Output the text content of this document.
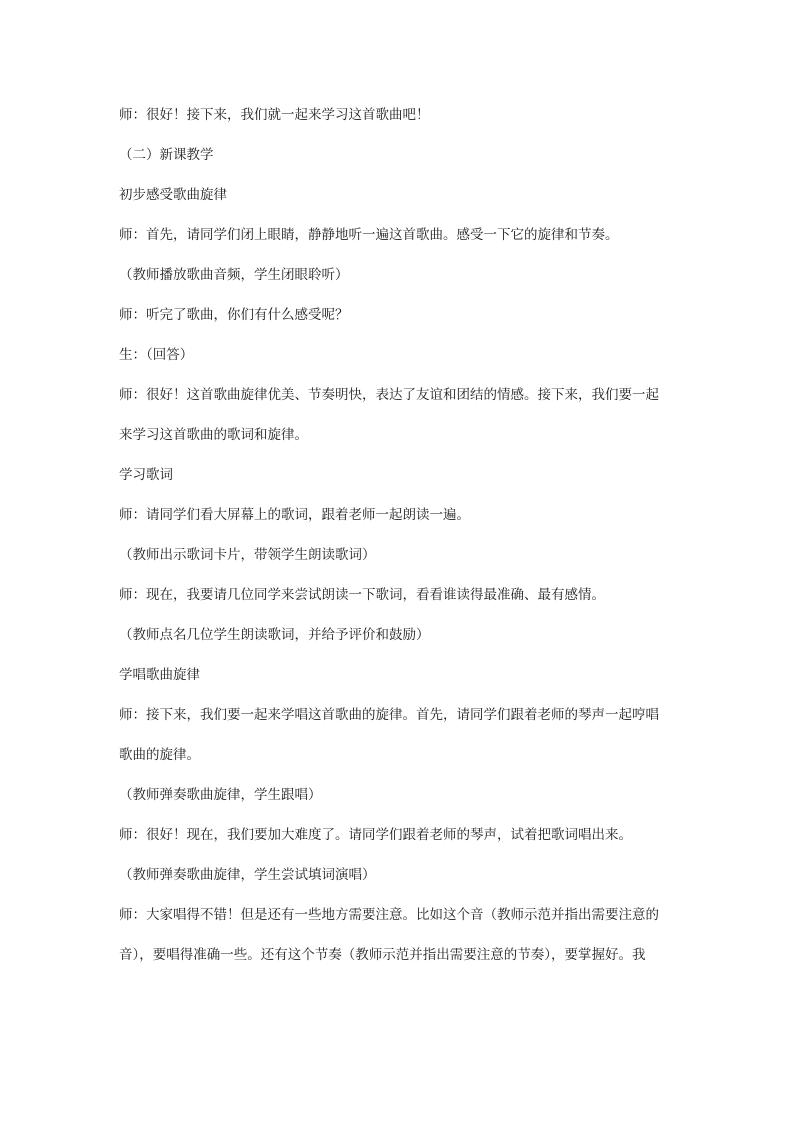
师：很好！接下来，我们就一起来学习这首歌曲吧！
（二）新课教学
初步感受歌曲旋律
师：首先，请同学们闭上眼睛，静静地听一遍这首歌曲。感受一下它的旋律和节奏。
（教师播放歌曲音频，学生闭眼聆听）
师：听完了歌曲，你们有什么感受呢？
生：（回答）
师：很好！这首歌曲旋律优美、节奏明快，表达了友谊和团结的情感。接下来，我们要一起
来学习这首歌曲的歌词和旋律。
学习歌词
师：请同学们看大屏幕上的歌词，跟着老师一起朗读一遍。
（教师出示歌词卡片，带领学生朗读歌词）
师：现在，我要请几位同学来尝试朗读一下歌词，看看谁读得最准确、最有感情。
（教师点名几位学生朗读歌词，并给予评价和鼓励）
学唱歌曲旋律
师：接下来，我们要一起来学唱这首歌曲的旋律。首先，请同学们跟着老师的琴声一起哼唱
歌曲的旋律。
（教师弹奏歌曲旋律，学生跟唱）
师：很好！现在，我们要加大难度了。请同学们跟着老师的琴声，试着把歌词唱出来。
（教师弹奏歌曲旋律，学生尝试填词演唱）
师：大家唱得不错！但是还有一些地方需要注意。比如这个音（教师示范并指出需要注意的
音），要唱得准确一些。还有这个节奏（教师示范并指出需要注意的节奏），要掌握好。我
